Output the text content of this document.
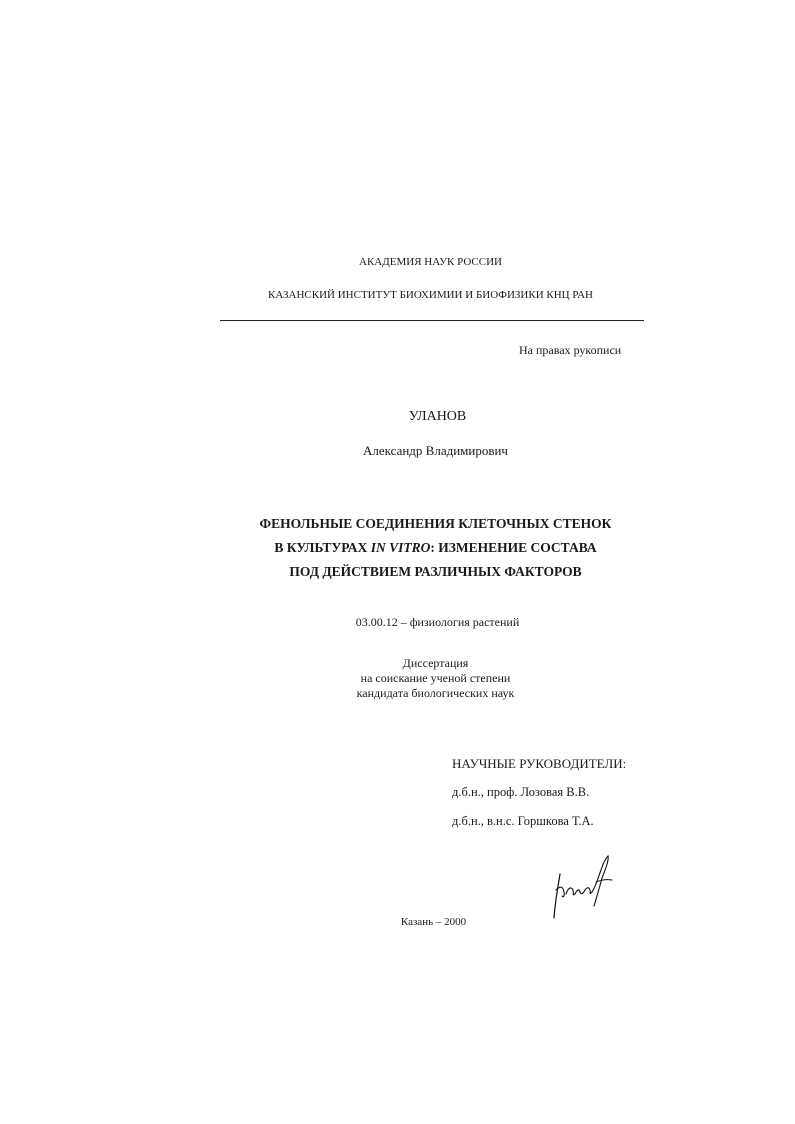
АКАДЕМИЯ НАУК РОССИИ
КАЗАНСКИЙ ИНСТИТУТ БИОХИМИИ И БИОФИЗИКИ КНЦ РАН
На правах рукописи
УЛАНОВ
Александр Владимирович
ФЕНОЛЬНЫЕ СОЕДИНЕНИЯ КЛЕТОЧНЫХ СТЕНОК
В КУЛЬТУРАХ IN VITRO: ИЗМЕНЕНИЕ СОСТАВА
ПОД ДЕЙСТВИЕМ РАЗЛИЧНЫХ ФАКТОРОВ
03.00.12 – физиология растений
Диссертация
на соискание ученой степени
кандидата биологических наук
НАУЧНЫЕ РУКОВОДИТЕЛИ:
д.б.н., проф. Лозовая В.В.
д.б.н., в.н.с. Горшкова Т.А.
Казань – 2000
